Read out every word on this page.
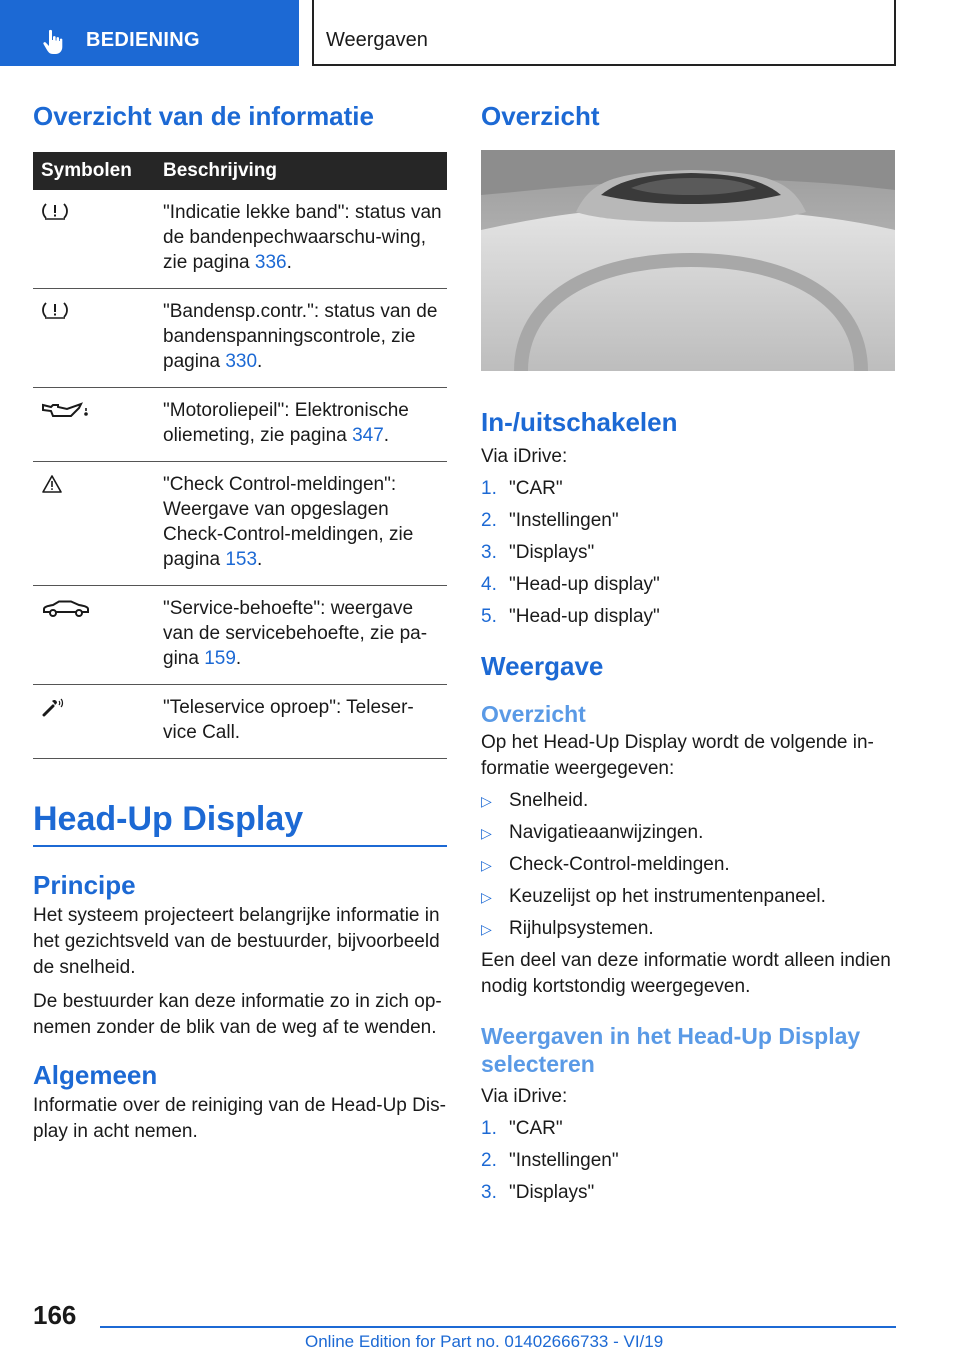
BEDIENING	Weergaven
Overzicht van de informatie
Symbolen	Beschrijving
"Indicatie lekke band": status van de bandenpechwaarschu-wing, zie pagina 336.
"Bandensp.contr.": status van de bandenspanningscontrole, zie pagina 330.
"Motoroliepeil": Elektronische oliemeting, zie pagina 347.
"Check Control-meldingen": Weergave van opgeslagen Check-Control-meldingen, zie pagina 153.
"Service-behoefte": weergave van de servicebehoefte, zie pa-gina 159.
"Teleservice oproep": Teleser-vice Call.
Head-Up Display
Principe

Het systeem projecteert belangrijke informatie in het gezichtsveld van de bestuurder, bijvoorbeeld de snelheid.

De bestuurder kan deze informatie zo in zich op-nemen zonder de blik van de weg af te wenden.

Algemeen

Informatie over de reiniging van de Head-Up Dis-play in acht nemen.

Overzicht
In-/uitschakelen

Via iDrive:

1. "CAR"
2. "Instellingen"
3. "Displays"
4. "Head-up display"
5. "Head-up display"
Weergave
Overzicht

Op het Head-Up Display wordt de volgende in-formatie weergegeven:

▷ Snelheid.
▷ Navigatieaanwijzingen.
▷ Check-Control-meldingen.
▷ Keuzelijst op het instrumentenpaneel.
▷ Rijhulpsystemen.

Een deel van deze informatie wordt alleen indien nodig kortstondig weergegeven.

Weergaven in het Head-Up Display selecteren

Via iDrive:

1. "CAR"
2. "Instellingen"
3. "Displays"
166
Online Edition for Part no. 01402666733 - VI/19
